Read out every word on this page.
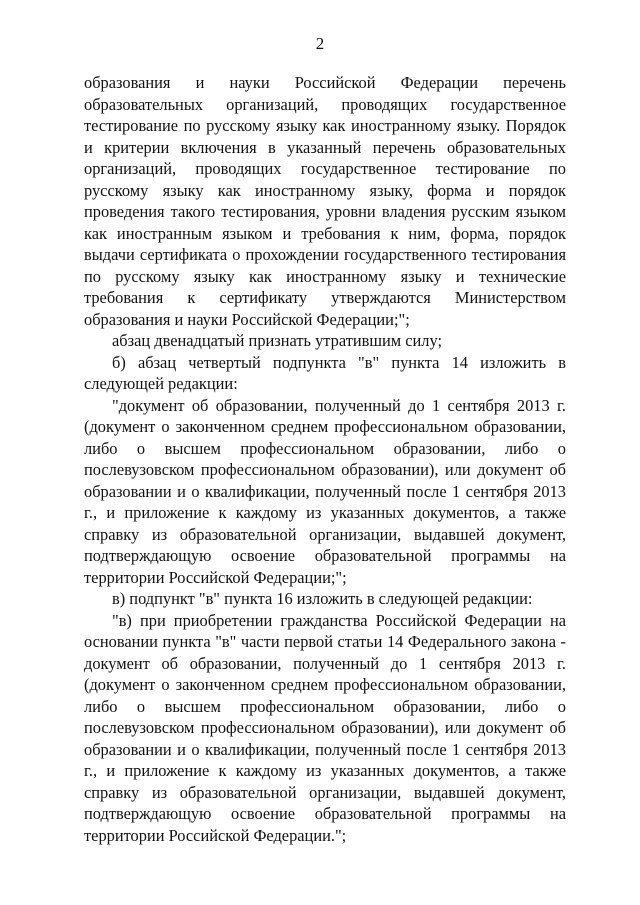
2

образования и науки Российской Федерации перечень образовательных организаций, проводящих государственное тестирование по русскому языку как иностранному языку. Порядок и критерии включения в указанный перечень образовательных организаций, проводящих государственное тестирование по русскому языку как иностранному языку, форма и порядок проведения такого тестирования, уровни владения русским языком как иностранным языком и требования к ним, форма, порядок выдачи сертификата о прохождении государственного тестирования по русскому языку как иностранному языку и технические требования к сертификату утверждаются Министерством образования и науки Российской Федерации;";

абзац двенадцатый признать утратившим силу;

б) абзац четвертый подпункта "в" пункта 14 изложить в следующей редакции:

"документ об образовании, полученный до 1 сентября 2013 г. (документ о законченном среднем профессиональном образовании, либо о высшем профессиональном образовании, либо о послевузовском профессиональном образовании), или документ об образовании и о квалификации, полученный после 1 сентября 2013 г., и приложение к каждому из указанных документов, а также справку из образовательной организации, выдавшей документ, подтверждающую освоение образовательной программы на территории Российской Федерации;";

в) подпункт "в" пункта 16 изложить в следующей редакции:

"в) при приобретении гражданства Российской Федерации на основании пункта "в" части первой статьи 14 Федерального закона - документ об образовании, полученный до 1 сентября 2013 г. (документ о законченном среднем профессиональном образовании, либо о высшем профессиональном образовании, либо о послевузовском профессиональном образовании), или документ об образовании и о квалификации, полученный после 1 сентября 2013 г., и приложение к каждому из указанных документов, а также справку из образовательной организации, выдавшей документ, подтверждающую освоение образовательной программы на территории Российской Федерации.";
